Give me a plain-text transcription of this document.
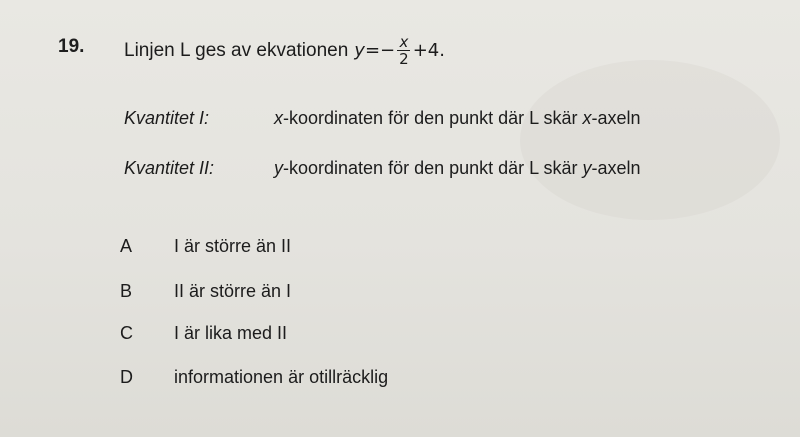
19. Linjen L ges av ekvationen y = − $\frac{x}{2} +4$.
Kvantitet I:	x-koordinaten för den punkt där L skär x-axeln
Kvantitet II:	y-koordinaten för den punkt där L skär y-axeln
A	I är större än II
B	II är större än I
C	I är lika med II
D	informationen är otillräcklig
